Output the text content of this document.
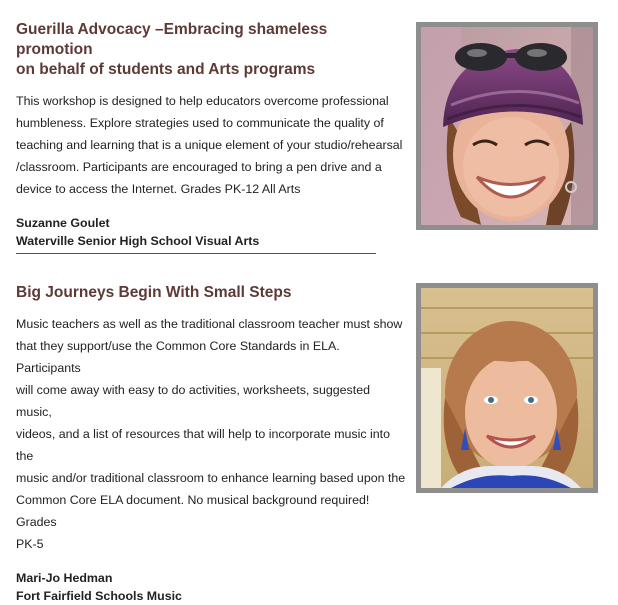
Guerilla Advocacy –Embracing shameless promotion
on behalf of students and Arts programs

This workshop is designed to help educators overcome professional
humbleness. Explore strategies used to communicate the quality of
teaching and learning that is a unique element of your studio/rehearsal
/classroom. Participants are encouraged to bring a pen drive and a
device to access the Internet. Grades PK-12 All Arts

Suzanne Goulet
Waterville Senior High School Visual Arts
Big Journeys Begin With Small Steps

Music teachers as well as the traditional classroom teacher must show
that they support/use the Common Core Standards in ELA. Participants
will come away with easy to do activities, worksheets, suggested music,
videos, and a list of resources that will help to incorporate music into the
music and/or traditional classroom to enhance learning based upon the
Common Core ELA document. No musical background required! Grades
PK-5

Mari-Jo Hedman
Fort Fairfield Schools Music
